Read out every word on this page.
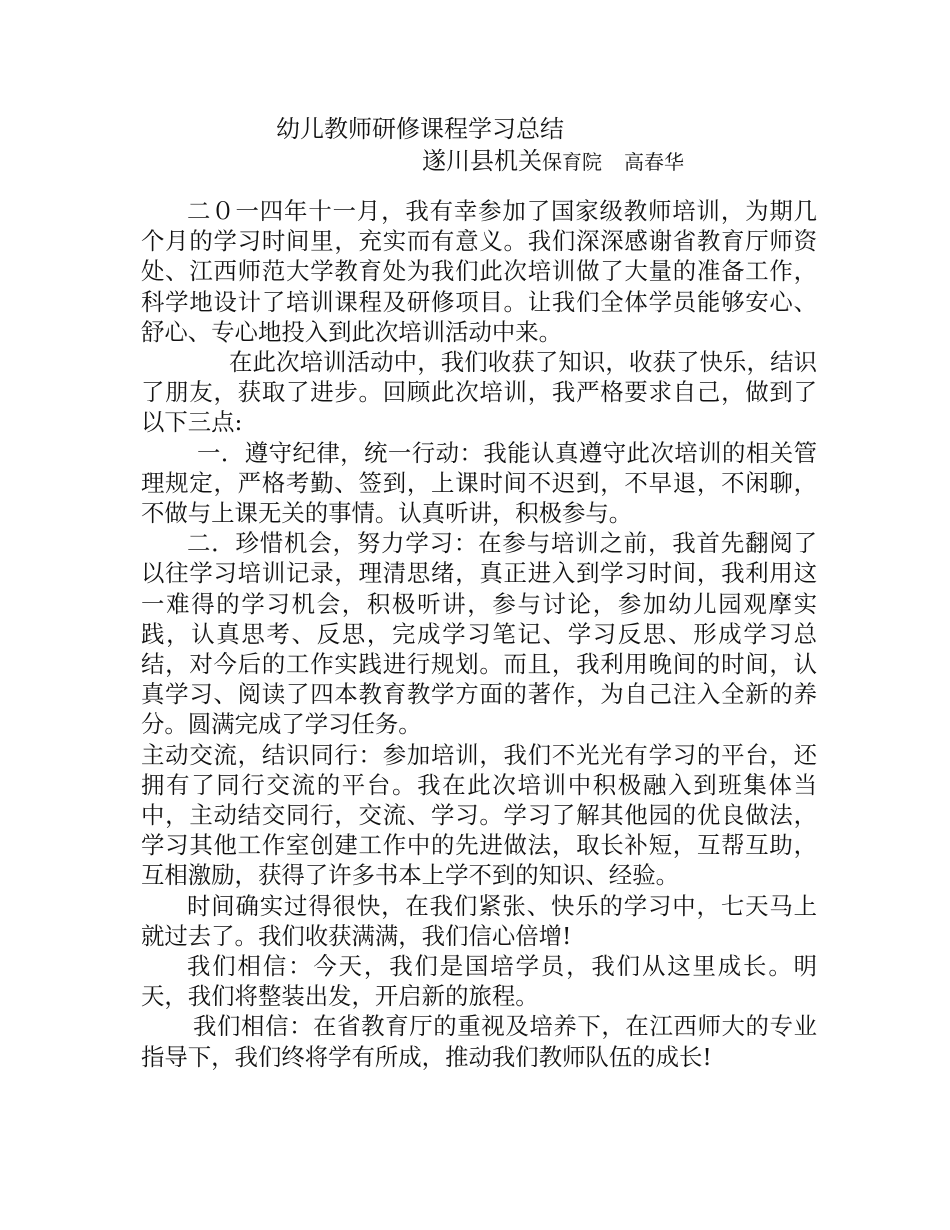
幼儿教师研修课程学习总结
遂川县机关保育院 高春华

二０一四年十一月，我有幸参加了国家级教师培训，为期几个月的学习时间里，充实而有意义。我们深深感谢省教育厅师资处、江西师范大学教育处为我们此次培训做了大量的准备工作，科学地设计了培训课程及研修项目。让我们全体学员能够安心、舒心、专心地投入到此次培训活动中来。

在此次培训活动中，我们收获了知识，收获了快乐，结识了朋友，获取了进步。回顾此次培训，我严格要求自己，做到了以下三点:

一．遵守纪律，统一行动：我能认真遵守此次培训的相关管理规定，严格考勤、签到，上课时间不迟到，不早退，不闲聊，不做与上课无关的事情。认真听讲，积极参与。

二．珍惜机会，努力学习：在参与培训之前，我首先翻阅了以往学习培训记录，理清思绪，真正进入到学习时间，我利用这一难得的学习机会，积极听讲，参与讨论，参加幼儿园观摩实践，认真思考、反思，完成学习笔记、学习反思、形成学习总结，对今后的工作实践进行规划。而且，我利用晚间的时间，认真学习、阅读了四本教育教学方面的著作，为自己注入全新的养分。圆满完成了学习任务。

主动交流，结识同行：参加培训，我们不光光有学习的平台，还拥有了同行交流的平台。我在此次培训中积极融入到班集体当中，主动结交同行，交流、学习。学习了解其他园的优良做法，学习其他工作室创建工作中的先进做法，取长补短，互帮互助，互相激励，获得了许多书本上学不到的知识、经验。

时间确实过得很快，在我们紧张、快乐的学习中，七天马上就过去了。我们收获满满，我们信心倍增!

我们相信：今天，我们是国培学员，我们从这里成长。明天，我们将整装出发，开启新的旅程。

我们相信：在省教育厅的重视及培养下，在江西师大的专业指导下，我们终将学有所成，推动我们教师队伍的成长!
